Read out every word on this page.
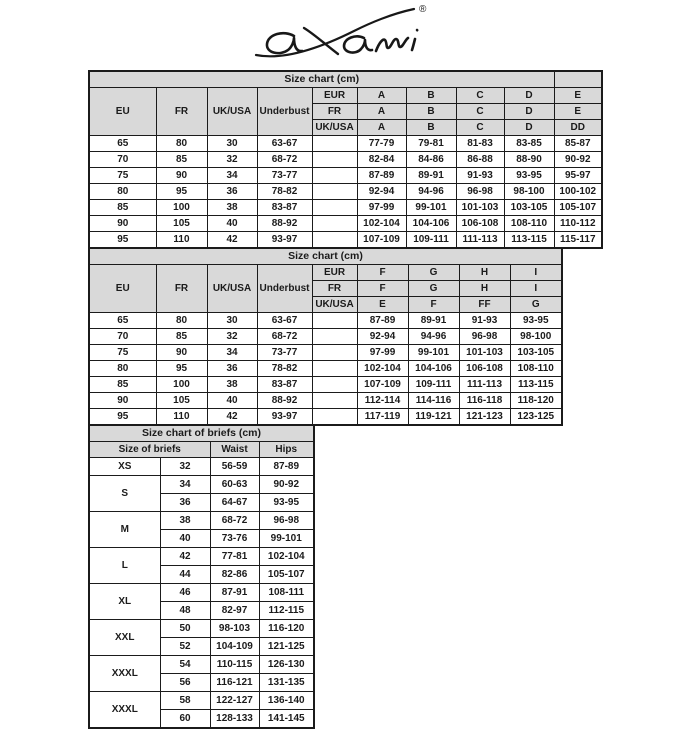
®
Size chart (cm)									
EU	FR	UK/USA	Underbust	EUR	A	B	C	D	E
				FR	A	B	C	D	E
				UK/USA	A	B	C	D	DD
65	80	30	63-67		77-79	79-81	81-83	83-85	85-87
70	85	32	68-72		82-84	84-86	86-88	88-90	90-92
75	90	34	73-77		87-89	89-91	91-93	93-95	95-97
80	95	36	78-82		92-94	94-96	96-98	98-100	100-102
85	100	38	83-87		97-99	99-101	101-103	103-105	105-107
90	105	40	88-92		102-104	104-106	106-108	108-110	110-112
95	110	42	93-97		107-109	109-111	111-113	113-115	115-117
Size chart (cm)								
EU	FR	UK/USA	Underbust	EUR	F	G	H	I
				FR	F	G	H	I
				UK/USA	E	F	FF	G
65	80	30	63-67		87-89	89-91	91-93	93-95
70	85	32	68-72		92-94	94-96	96-98	98-100
75	90	34	73-77		97-99	99-101	101-103	103-105
80	95	36	78-82		102-104	104-106	106-108	108-110
85	100	38	83-87		107-109	109-111	111-113	113-115
90	105	40	88-92		112-114	114-116	116-118	118-120
95	110	42	93-97		117-119	119-121	121-123	123-125
Size chart of briefs (cm)			
Size of briefs		Waist	Hips
XS	32	56-59	87-89
S	34	60-63	90-92
	36	64-67	93-95
M	38	68-72	96-98
	40	73-76	99-101
L	42	77-81	102-104
	44	82-86	105-107
XL	46	87-91	108-111
	48	82-97	112-115
XXL	50	98-103	116-120
	52	104-109	121-125
XXXL	54	110-115	126-130
	56	116-121	131-135
XXXL	58	122-127	136-140
	60	128-133	141-145
